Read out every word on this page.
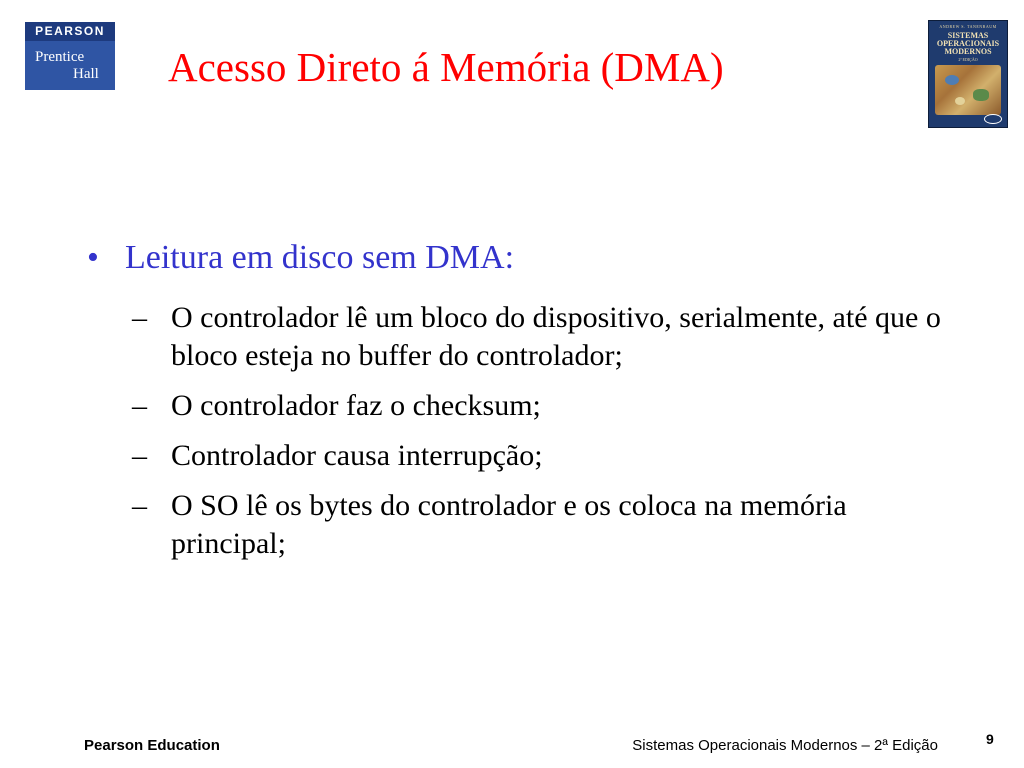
PEARSON
Prentice
Hall Acesso Direto á Memória (DMA)
ANDREW S. TANENBAUM
SISTEMAS OPERACIONAIS MODERNOS
2ª EDIÇÃO
• Leitura em disco sem DMA:
– O controlador lê um bloco do dispositivo, serialmente, até que o bloco esteja no buffer do controlador;
– O controlador faz o checksum;
– Controlador causa interrupção;
– O SO lê os bytes do controlador e os coloca na memória principal;
Pearson Education	Sistemas Operacionais Modernos – 2ª Edição	9
